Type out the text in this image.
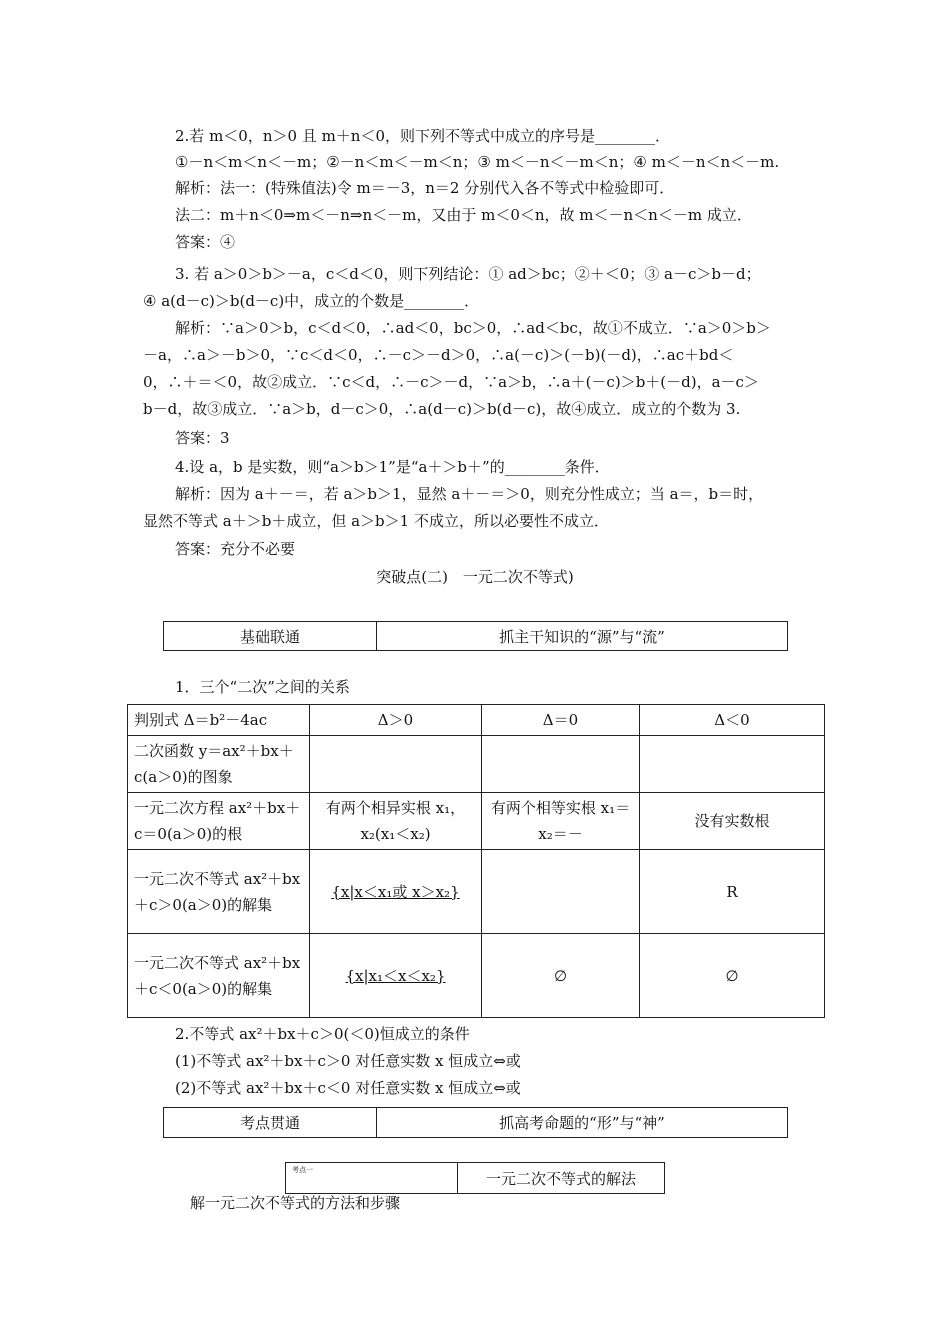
2.若 m＜0，n＞0 且 m＋n＜0，则下列不等式中成立的序号是________．
①－n＜m＜n＜－m；②－n＜m＜－m＜n；③ m＜－n＜－m＜n；④ m＜－n＜n＜－m.
解析：法一：(特殊值法)令 m＝－3，n＝2 分别代入各不等式中检验即可．
法二：m＋n＜0⇒m＜－n⇒n＜－m，又由于 m＜0＜n，故 m＜－n＜n＜－m 成立．
答案：④
3. 若 a＞0＞b＞－a，c＜d＜0，则下列结论：① ad＞bc；②＋＜0；③ a－c＞b－d；
④ a(d－c)＞b(d－c)中，成立的个数是________．
解析：∵a＞0＞b，c＜d＜0，∴ad＜0，bc＞0，∴ad＜bc，故①不成立．∵a＞0＞b＞
－a，∴a＞－b＞0，∵c＜d＜0，∴－c＞－d＞0，∴a(－c)＞(－b)(－d)，∴ac＋bd＜
0，∴＋＝＜0，故②成立．∵c＜d，∴－c＞－d，∵a＞b，∴a＋(－c)＞b＋(－d)，a－c＞
b－d，故③成立．∵a＞b，d－c＞0，∴a(d－c)＞b(d－c)，故④成立．成立的个数为 3.
答案：3
4.设 a，b 是实数，则“a＞b＞1”是“a＋＞b＋”的________条件．
解析：因为 a＋－＝，若 a＞b＞1，显然 a＋－＝＞0，则充分性成立；当 a＝，b＝时，
显然不等式 a＋＞b＋成立，但 a＞b＞1 不成立，所以必要性不成立．
答案：充分不必要
突破点(二)　一元二次不等式)
基础联通	抓主干知识的“源”与“流”
1．三个“二次”之间的关系
判别式 Δ＝b²－4ac	Δ＞0	Δ＝0	Δ＜0
二次函数 y＝ax²＋bx＋c(a＞0)的图象			
一元二次方程 ax²＋bx＋c＝0(a＞0)的根	有两个相异实根 x₁，x₂(x₁＜x₂)	有两个相等实根 x₁＝x₂＝－	没有实数根
一元二次不等式 ax²＋bx＋c＞0(a＞0)的解集	{x|x＜x₁或 x＞x₂}		R
一元二次不等式 ax²＋bx＋c＜0(a＞0)的解集	{x|x₁＜x＜x₂}	∅	∅
2.不等式 ax²＋bx＋c＞0(＜0)恒成立的条件
(1)不等式 ax²＋bx＋c＞0 对任意实数 x 恒成立⇔或
(2)不等式 ax²＋bx＋c＜0 对任意实数 x 恒成立⇔或
考点贯通	抓高考命题的“形”与“神”
考点一	一元二次不等式的解法
解一元二次不等式的方法和步骤
